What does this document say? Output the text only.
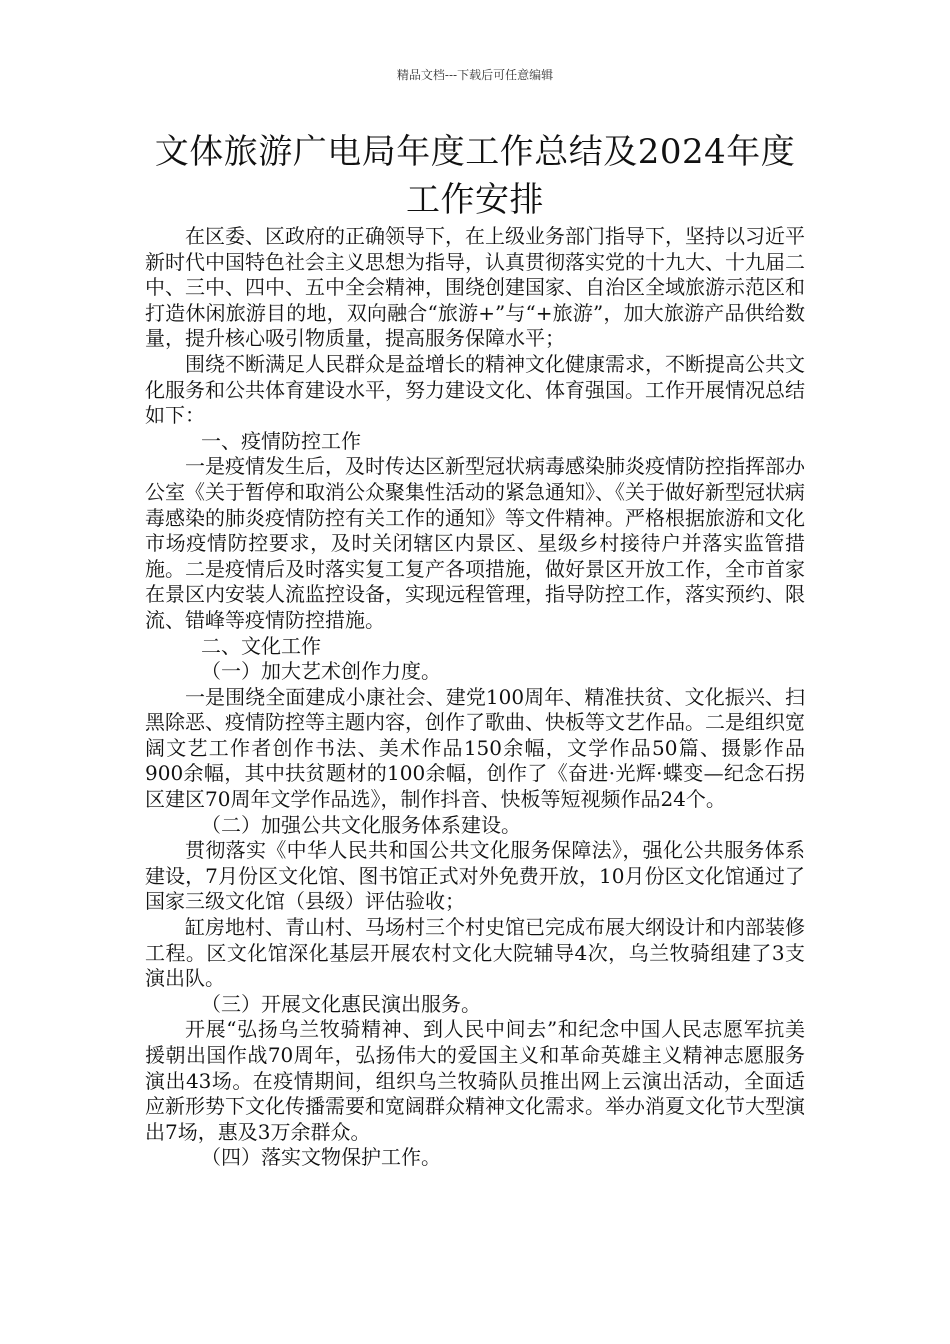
精品文档---下载后可任意编辑
文体旅游广电局年度工作总结及2024年度工作安排

在区委、区政府的正确领导下，在上级业务部门指导下，坚持以习近平新时代中国特色社会主义思想为指导，认真贯彻落实党的十九大、十九届二中、三中、四中、五中全会精神，围绕创建国家、自治区全域旅游示范区和打造休闲旅游目的地，双向融合“旅游+”与“+旅游”，加大旅游产品供给数量，提升核心吸引物质量，提高服务保障水平；

围绕不断满足人民群众是益增长的精神文化健康需求，不断提高公共文化服务和公共体育建设水平，努力建设文化、体育强国。工作开展情况总结如下：

一、疫情防控工作

一是疫情发生后，及时传达区新型冠状病毒感染肺炎疫情防控指挥部办公室《关于暂停和取消公众聚集性活动的紧急通知》、《关于做好新型冠状病毒感染的肺炎疫情防控有关工作的通知》等文件精神。严格根据旅游和文化市场疫情防控要求，及时关闭辖区内景区、星级乡村接待户并落实监管措施。二是疫情后及时落实复工复产各项措施，做好景区开放工作，全市首家在景区内安装人流监控设备，实现远程管理，指导防控工作，落实预约、限流、错峰等疫情防控措施。

二、文化工作

（一）加大艺术创作力度。

一是围绕全面建成小康社会、建党100周年、精准扶贫、文化振兴、扫黑除恶、疫情防控等主题内容，创作了歌曲、快板等文艺作品。二是组织宽阔文艺工作者创作书法、美术作品150余幅，文学作品50篇、摄影作品900余幅，其中扶贫题材的100余幅，创作了《奋进·光辉·蝶变—纪念石拐区建区70周年文学作品选》，制作抖音、快板等短视频作品24个。

（二）加强公共文化服务体系建设。

贯彻落实《中华人民共和国公共文化服务保障法》，强化公共服务体系建设，7月份区文化馆、图书馆正式对外免费开放，10月份区文化馆通过了国家三级文化馆（县级）评估验收；

缸房地村、青山村、马场村三个村史馆已完成布展大纲设计和内部装修工程。区文化馆深化基层开展农村文化大院辅导4次，乌兰牧骑组建了3支演出队。

（三）开展文化惠民演出服务。

开展“弘扬乌兰牧骑精神、到人民中间去”和纪念中国人民志愿军抗美援朝出国作战70周年，弘扬伟大的爱国主义和革命英雄主义精神志愿服务演出43场。在疫情期间，组织乌兰牧骑队员推出网上云演出活动，全面适应新形势下文化传播需要和宽阔群众精神文化需求。举办消夏文化节大型演出7场，惠及3万余群众。

（四）落实文物保护工作。
